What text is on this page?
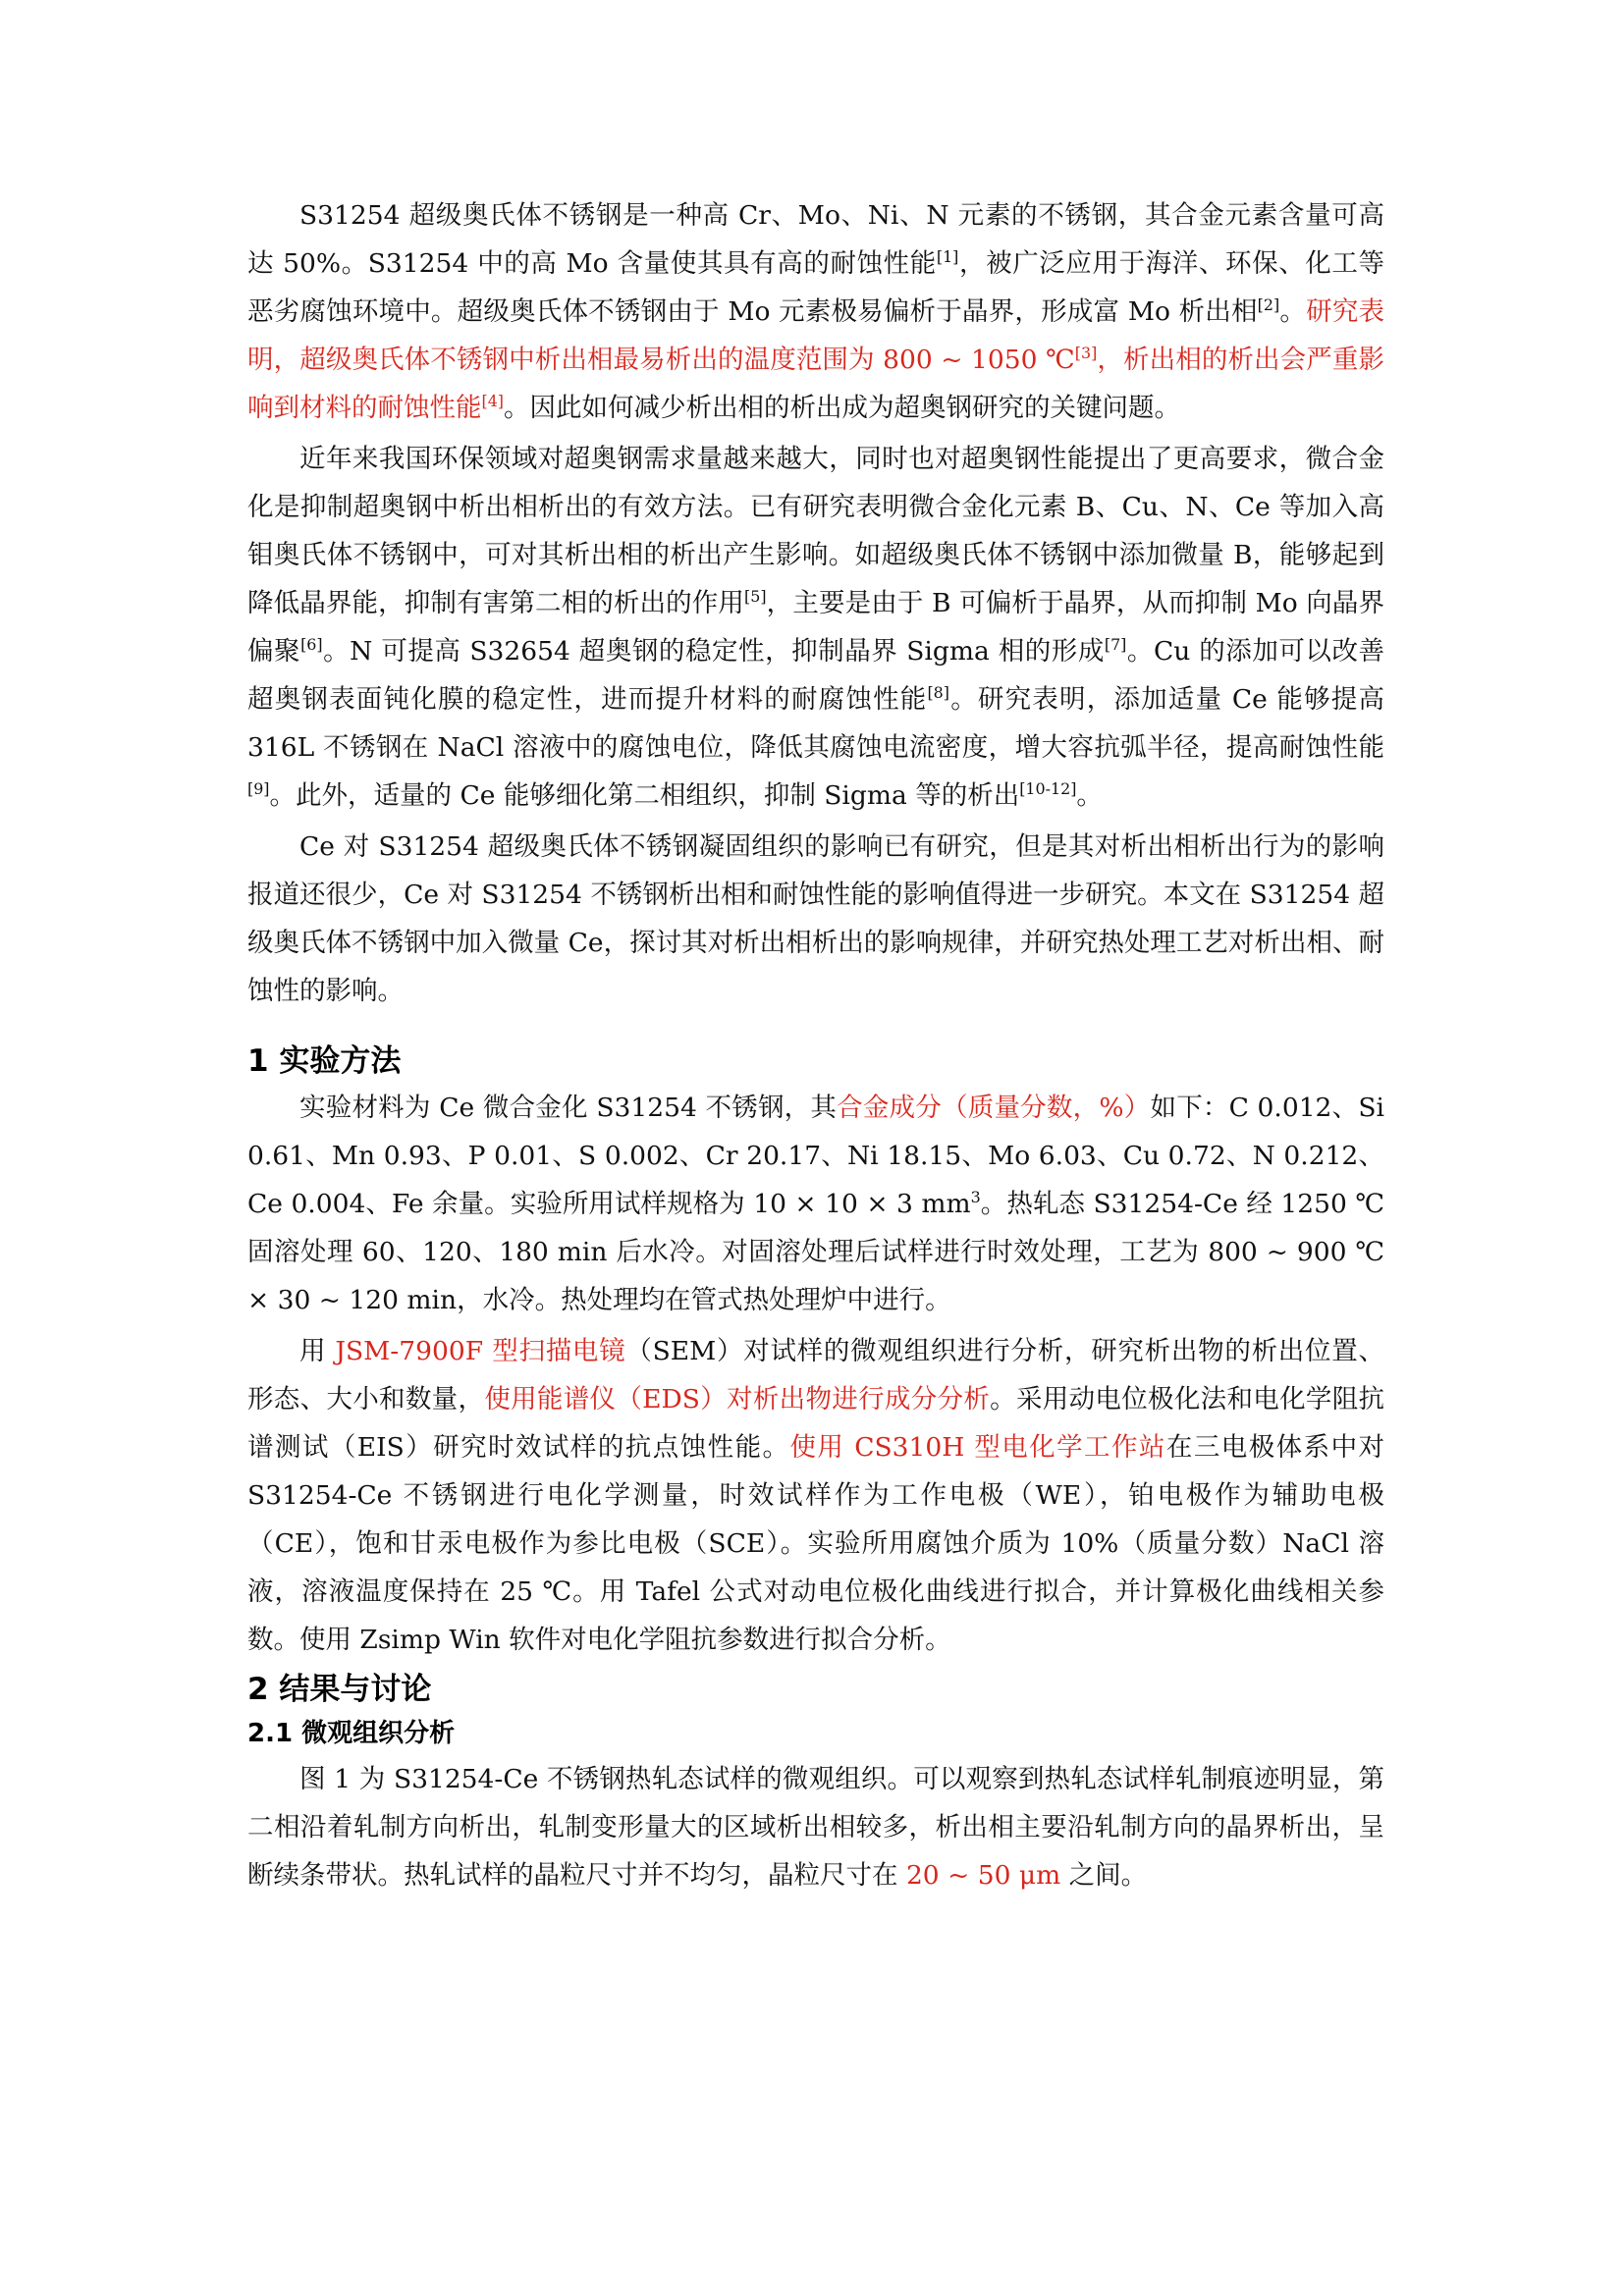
S31254 超级奥氏体不锈钢是一种高 Cr、Mo、Ni、N 元素的不锈钢，其合金元素含量可高达 50%。S31254 中的高 Mo 含量使其具有高的耐蚀性能[1]，被广泛应用于海洋、环保、化工等恶劣腐蚀环境中。超级奥氏体不锈钢由于 Mo 元素极易偏析于晶界，形成富 Mo 析出相[2]。研究表明，超级奥氏体不锈钢中析出相最易析出的温度范围为 800 ~ 1050 ℃[3]，析出相的析出会严重影响到材料的耐蚀性能[4]。因此如何减少析出相的析出成为超奥钢研究的关键问题。

近年来我国环保领域对超奥钢需求量越来越大，同时也对超奥钢性能提出了更高要求，微合金化是抑制超奥钢中析出相析出的有效方法。已有研究表明微合金化元素 B、Cu、N、Ce 等加入高钼奥氏体不锈钢中，可对其析出相的析出产生影响。如超级奥氏体不锈钢中添加微量 B，能够起到降低晶界能，抑制有害第二相的析出的作用[5]，主要是由于 B 可偏析于晶界，从而抑制 Mo 向晶界偏聚[6]。N 可提高 S32654 超奥钢的稳定性，抑制晶界 Sigma 相的形成[7]。Cu 的添加可以改善超奥钢表面钝化膜的稳定性，进而提升材料的耐腐蚀性能[8]。研究表明，添加适量 Ce 能够提高 316L 不锈钢在 NaCl 溶液中的腐蚀电位，降低其腐蚀电流密度，增大容抗弧半径，提高耐蚀性能[9]。此外，适量的 Ce 能够细化第二相组织，抑制 Sigma 等的析出[10-12]。

Ce 对 S31254 超级奥氏体不锈钢凝固组织的影响已有研究，但是其对析出相析出行为的影响报道还很少，Ce 对 S31254 不锈钢析出相和耐蚀性能的影响值得进一步研究。本文在 S31254 超级奥氏体不锈钢中加入微量 Ce，探讨其对析出相析出的影响规律，并研究热处理工艺对析出相、耐蚀性的影响。

1 实验方法

实验材料为 Ce 微合金化 S31254 不锈钢，其合金成分（质量分数，%）如下：C 0.012、Si 0.61、Mn 0.93、P 0.01、S 0.002、Cr 20.17、Ni 18.15、Mo 6.03、Cu 0.72、N 0.212、Ce 0.004、Fe 余量。实验所用试样规格为 10 × 10 × 3 $mm^3$。热轧态 S31254-Ce 经 1250 ℃固溶处理 60、120、180 min 后水冷。对固溶处理后试样进行时效处理，工艺为 800 ~ 900 ℃ × 30 ~ 120 min，水冷。热处理均在管式热处理炉中进行。

用 JSM-7900F 型扫描电镜（SEM）对试样的微观组织进行分析，研究析出物的析出位置、形态、大小和数量，使用能谱仪（EDS）对析出物进行成分分析。采用动电位极化法和电化学阻抗谱测试（EIS）研究时效试样的抗点蚀性能。使用 CS310H 型电化学工作站在三电极体系中对 S31254-Ce 不锈钢进行电化学测量，时效试样作为工作电极（WE），铂电极作为辅助电极（CE），饱和甘汞电极作为参比电极（SCE）。实验所用腐蚀介质为 10%（质量分数）NaCl 溶液，溶液温度保持在 25 ℃。用 Tafel 公式对动电位极化曲线进行拟合，并计算极化曲线相关参数。使用 Zsimp Win 软件对电化学阻抗参数进行拟合分析。

2 结果与讨论
2.1 微观组织分析

图 1 为 S31254-Ce 不锈钢热轧态试样的微观组织。可以观察到热轧态试样轧制痕迹明显，第二相沿着轧制方向析出，轧制变形量大的区域析出相较多，析出相主要沿轧制方向的晶界析出，呈断续条带状。热轧试样的晶粒尺寸并不均匀，晶粒尺寸在 20 ~ 50 μm 之间。
